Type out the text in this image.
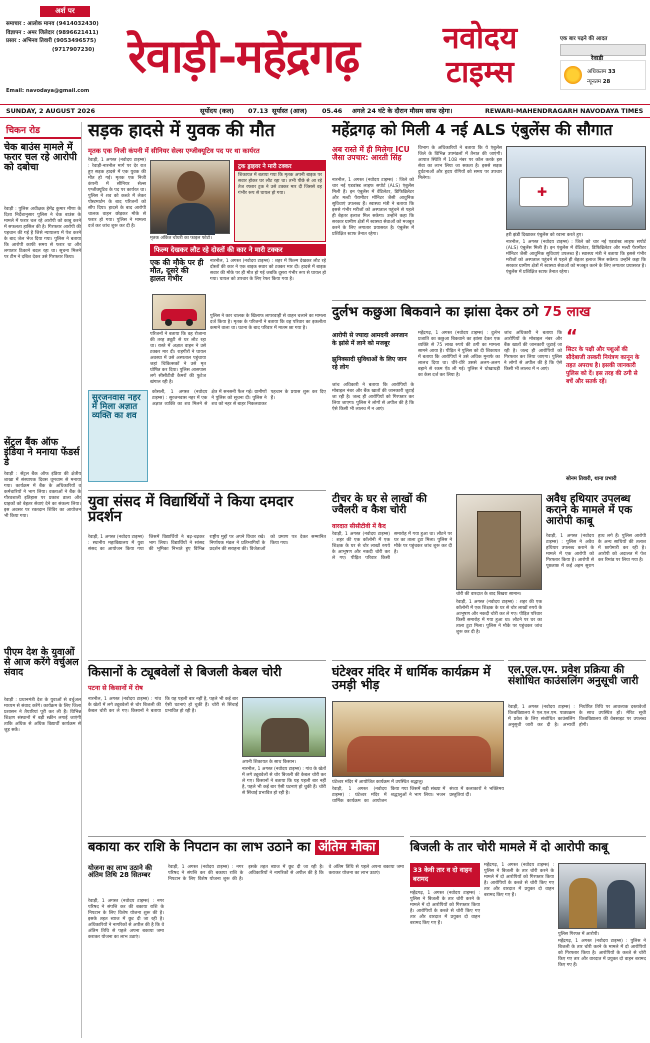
अर्श पर
समाचार : आलोक मानव (9414032430)
विज्ञापन : अमर जिलेदार (9896621411)
प्रसार : अभिनव तिवारी (9053496575)
(9717907230)
Email: navodaya@gmail.com
रेवाड़ी-महेंद्रगढ़	नवोदय टाइम्स
एक बार पढ़ने की आदत
रेवाड़ी
अधिकतम 33
न्यूनतम 28
SUNDAY, 2 AUGUST 2026	सूर्योदय (कल) 07.13 सूर्यास्त (आज) 05.46 अगले 24 घंटे के दौरान मौसम साफ रहेगा।	REWARI-MAHENDRAGARH NAVODAYA TIMES
चिकन रोड
चेक बाउंस मामले में फरार चल रहे आरोपी को दबोचा
रेवाड़ी : पुलिस अधीक्षक हेमेंद्र कुमार मीणा के दिशा निर्देशानुसार पुलिस ने चेक बाउंस के मामले में फरार चल रहे आरोपी को काबू करने में सफलता हासिल की है। गिरफ्तार आरोपी की पहचान की गई है जिसे न्यायालय में पेश करने के बाद जेल भेज दिया गया। पुलिस ने बताया कि आरोपी काफी समय से फरार था और लगातार ठिकाने बदल रहा था। सूचना मिलने पर टीम ने दबिश देकर उसे गिरफ्तार किया।
सेंट्रल बैंक ऑफ इंडिया ने मनाया फेंडर्स डे
रेवाड़ी : सेंट्रल बैंक ऑफ इंडिया की क्षेत्रीय शाखा में संस्थापक दिवस धूमधाम से मनाया गया। कार्यक्रम में बैंक के अधिकारियों व कर्मचारियों ने भाग लिया। वक्ताओं ने बैंक के गौरवशाली इतिहास पर प्रकाश डाला और ग्राहकों को बेहतर सेवाएं देने का संकल्प लिया। इस अवसर पर रक्तदान शिविर का आयोजन भी किया गया।
पीएम देश के युवाओं से आज करेंगे वर्चुअल संवाद
रेवाड़ी : प्रधानमंत्री देश के युवाओं से वर्चुअल माध्यम से संवाद करेंगे। कार्यक्रम के लिए जिला प्रशासन ने तैयारियां पूरी कर ली हैं। विभिन्न शिक्षण संस्थानों में बड़ी स्क्रीन लगाई जाएंगी ताकि अधिक से अधिक विद्यार्थी कार्यक्रम से जुड़ सकें।
सड़क हादसे में युवक की मौत
मृतक एक निजी कंपनी में सीनियर सेल्स एग्जीक्यूटिव पद पर था कार्यरत
रेवाड़ी, 1 अगस्त (नवोदय टाइम्स) : रेवाड़ी-नारनौल मार्ग पर देर रात हुए सड़क हादसे में एक युवक की मौत हो गई। मृतक एक निजी कंपनी में सीनियर सेल्स एग्जीक्यूटिव के पद पर कार्यरत था। पुलिस ने शव को कब्जे में लेकर पोस्टमार्टम के बाद परिजनों को सौंप दिया। हादसे के बाद आरोपी चालक वाहन छोड़कर मौके से फरार हो गया। पुलिस ने मामला दर्ज कर जांच शुरू कर दी है।
मृतक अंकित चौधरी का फाइल फोटो।
ट्रक ड्राइवर ने मारी टक्कर
शिकायत में बताया गया कि मृतक अपनी बाइक पर सवार होकर घर लौट रहा था। तभी पीछे से आ रहे तेज रफ्तार ट्रक ने उसे टक्कर मार दी जिससे वह गंभीर रूप से घायल हो गया।
फिल्म देखकर लौट रहे दोस्तों की कार ने मारी टक्कर
एक की मौके पर ही मौत, दूसरे की हालत गंभीर
परिजनों ने बताया कि वह रोजाना की तरह ड्यूटी से घर लौट रहा था। रास्ते में अज्ञात वाहन ने उसे टक्कर मार दी। राहगीरों ने घायल अवस्था में उसे अस्पताल पहुंचाया जहां चिकित्सकों ने उसे मृत घोषित कर दिया। पुलिस आसपास लगे सीसीटीवी कैमरों की फुटेज खंगाल रही है।
नारनौल, 1 अगस्त (नवोदय टाइम्स) : शहर में फिल्म देखकर लौट रहे दोस्तों की कार ने एक बाइक सवार को टक्कर मार दी। हादसे में बाइक सवार की मौके पर ही मौत हो गई जबकि दूसरा गंभीर रूप से घायल हो गया। घायल को उपचार के लिए रेफर किया गया है।
पुलिस ने कार चालक के खिलाफ लापरवाही से वाहन चलाने का मामला दर्ज किया है। मृतक के परिजनों ने बताया कि वह परिवार का इकलौता कमाने वाला था। घटना के बाद परिवार में मातम छा गया है।
महेंद्रगढ़ को मिली 4 नई ALS एंबुलेंस की सौगात
अब रास्ते में ही मिलेगा ICU जैसा उपचार: आरती सिंह
नारनौल, 1 अगस्त (नवोदय टाइम्स) : जिले को चार नई एडवांस्ड लाइफ सपोर्ट (ALS) एंबुलेंस मिली हैं। इन एंबुलेंस में वेंटिलेटर, डिफिब्रिलेटर और मल्टी पैरामीटर मॉनिटर जैसी आधुनिक सुविधाएं उपलब्ध हैं। स्वास्थ्य मंत्री ने बताया कि इससे गंभीर मरीजों को अस्पताल पहुंचने से पहले ही बेहतर इलाज मिल सकेगा। उन्होंने कहा कि सरकार ग्रामीण क्षेत्रों में स्वास्थ्य सेवाओं को मजबूत करने के लिए लगातार प्रयासरत है। एंबुलेंस में प्रशिक्षित स्टाफ तैनात रहेगा।
विभाग के अधिकारियों ने बताया कि ये एंबुलेंस जिले के विभिन्न उपमंडलों में तैनात की जाएंगी। आपात स्थिति में 108 नंबर पर कॉल करके इस सेवा का लाभ लिया जा सकता है। इससे सड़क दुर्घटनाओं और हृदय रोगियों को समय पर उपचार मिलेगा।
✚
हरी झंडी दिखाकर एंबुलेंस को रवाना करते हुए।
नारनौल, 1 अगस्त (नवोदय टाइम्स) : जिले को चार नई एडवांस्ड लाइफ सपोर्ट (ALS) एंबुलेंस मिली हैं। इन एंबुलेंस में वेंटिलेटर, डिफिब्रिलेटर और मल्टी पैरामीटर मॉनिटर जैसी आधुनिक सुविधाएं उपलब्ध हैं। स्वास्थ्य मंत्री ने बताया कि इससे गंभीर मरीजों को अस्पताल पहुंचने से पहले ही बेहतर इलाज मिल सकेगा। उन्होंने कहा कि सरकार ग्रामीण क्षेत्रों में स्वास्थ्य सेवाओं को मजबूत करने के लिए लगातार प्रयासरत है। एंबुलेंस में प्रशिक्षित स्टाफ तैनात रहेगा।
दुर्लभ कछुआ बिकवाने का झांसा देकर ठगे 75 लाख
आरोपी से ज्यादा आमदनी अनजान के झांसे में लाने को मजबूर
झुनिक्सादी सुविधाओं के लिए जान रहे लोग
जांच अधिकारी ने बताया कि आरोपियों के मोबाइल नंबर और बैंक खातों की जानकारी जुटाई जा रही है। जल्द ही आरोपियों को गिरफ्तार कर लिया जाएगा। पुलिस ने लोगों से अपील की है कि ऐसे किसी भी लालच में न आएं।
महेंद्रगढ़, 1 अगस्त (नवोदय टाइम्स) : दुर्लभ प्रजाति का कछुआ बिकवाने का झांसा देकर एक व्यक्ति से 75 लाख रुपये की ठगी का मामला सामने आया है। पीड़ित ने पुलिस को दी शिकायत में बताया कि आरोपियों ने उसे अधिक मुनाफे का लालच दिया था। धीरे-धीरे उससे अलग-अलग बहाने से रकम ऐंठ ली गई। पुलिस ने धोखाधड़ी का केस दर्ज कर लिया है।
जांच अधिकारी ने बताया कि आरोपियों के मोबाइल नंबर और बैंक खातों की जानकारी जुटाई जा रही है। जल्द ही आरोपियों को गिरफ्तार कर लिया जाएगा। पुलिस ने लोगों से अपील की है कि ऐसे किसी भी लालच में न आएं।
“
सिटर के पक्षी और पशुओं की सौदेबाजी तस्करी नियंत्रण कानून के तहत अपराध है। इसकी जानकारी पुलिस को दें। इस तरह की ठगी से बचें और सतर्क रहें।
सोनम तिवारी, थाना प्रभारी
सुरजनवास नहर में मिला अज्ञात व्यक्ति का शव
कोसली, 1 अगस्त (नवोदय टाइम्स) : सुरजनवास नहर में एक अज्ञात व्यक्ति का शव मिलने से क्षेत्र में सनसनी फैल गई। ग्रामीणों ने पुलिस को सूचना दी। पुलिस ने शव को नहर से बाहर निकलवाकर पहचान के प्रयास शुरू कर दिए हैं।
युवा संसद में विद्यार्थियों ने किया दमदार प्रदर्शन
रेवाड़ी, 1 अगस्त (नवोदय टाइम्स) : स्थानीय महाविद्यालय में युवा संसद का आयोजन किया गया जिसमें विद्यार्थियों ने बढ़-चढ़कर भाग लिया। विद्यार्थियों ने सांसद की भूमिका निभाते हुए विभिन्न राष्ट्रीय मुद्दों पर अपने विचार रखे। निर्णायक मंडल ने प्रतिभागियों के प्रदर्शन की सराहना की। विजेताओं को प्रमाण पत्र देकर सम्मानित किया गया।
टीचर के घर से लाखों की ज्वैलरी व कैश चोरी
वारदात सीसीटीवी में कैद
रेवाड़ी, 1 अगस्त (नवोदय टाइम्स) : शहर की एक कॉलोनी में एक शिक्षक के घर से चोर लाखों रुपये के आभूषण और नकदी चोरी कर ले गए। पीड़ित परिवार किसी समारोह में गया हुआ था। लौटने पर घर का ताला टूटा मिला। पुलिस ने मौके पर पहुंचकर जांच शुरू कर दी है।
चोरी की वारदात के बाद बिखरा सामान।
रेवाड़ी, 1 अगस्त (नवोदय टाइम्स) : शहर की एक कॉलोनी में एक शिक्षक के घर से चोर लाखों रुपये के आभूषण और नकदी चोरी कर ले गए। पीड़ित परिवार किसी समारोह में गया हुआ था। लौटने पर घर का ताला टूटा मिला। पुलिस ने मौके पर पहुंचकर जांच शुरू कर दी है।
अवैध हथियार उपलब्ध कराने के मामले में एक आरोपी काबू
रेवाड़ी, 1 अगस्त (नवोदय टाइम्स) : पुलिस ने अवैध हथियार उपलब्ध कराने के मामले में एक आरोपी को गिरफ्तार किया है। आरोपी से पूछताछ में कई अहम सुराग हाथ लगे हैं। पुलिस आरोपी के अन्य साथियों की तलाश में छापेमारी कर रही है। आरोपी को अदालत में पेश कर रिमांड पर लिया गया है।
किसानों के ट्यूबवेलों से बिजली केबल चोरी
पटना से किसानों में रोष
नारनौल, 1 अगस्त (नवोदय टाइम्स) : गांव के खेतों में लगे ट्यूबवेलों से चोर बिजली की केबल चोरी कर ले गए। किसानों ने बताया कि यह पहली बार नहीं है, पहले भी कई बार ऐसी घटनाएं हो चुकी हैं। चोरी से सिंचाई प्रभावित हो रही है।
अपनी शिकायत के साथ किसान।
नारनौल, 1 अगस्त (नवोदय टाइम्स) : गांव के खेतों में लगे ट्यूबवेलों से चोर बिजली की केबल चोरी कर ले गए। किसानों ने बताया कि यह पहली बार नहीं है, पहले भी कई बार ऐसी घटनाएं हो चुकी हैं। चोरी से सिंचाई प्रभावित हो रही है।
घंटेश्वर मंदिर में धार्मिक कार्यक्रम में उमड़ी भीड़
घंटेश्वर मंदिर में आयोजित कार्यक्रम में उपस्थित श्रद्धालु।
रेवाड़ी, 1 अगस्त (नवोदय टाइम्स) : घंटेश्वर मंदिर में धार्मिक कार्यक्रम का आयोजन किया गया जिसमें बड़ी संख्या में श्रद्धालुओं ने भाग लिया। भजन संध्या में कलाकारों ने भक्तिमय प्रस्तुतियां दीं।
एल.एल.एम. प्रवेश प्रक्रिया की संशोधित काउंसलिंग अनुसूची जारी
रेवाड़ी, 1 अगस्त (नवोदय टाइम्स) : विश्वविद्यालय ने एल.एल.एम. पाठ्यक्रम में प्रवेश के लिए संशोधित काउंसलिंग अनुसूची जारी कर दी है। अभ्यर्थी निर्धारित तिथि पर आवश्यक दस्तावेजों के साथ उपस्थित हों। मेरिट सूची विश्वविद्यालय की वेबसाइट पर उपलब्ध होगी।
बकाया कर राशि के निपटान का लाभ उठाने का अंतिम मौका
योजना का लाभ उठाने की अंतिम तिथि 28 सितम्बर
रेवाड़ी, 1 अगस्त (नवोदय टाइम्स) : नगर परिषद ने संपत्ति कर की बकाया राशि के निपटान के लिए विशेष योजना शुरू की है। इसके तहत ब्याज में छूट दी जा रही है। अधिकारियों ने नागरिकों से अपील की है कि वे अंतिम तिथि से पहले अपना बकाया जमा कराकर योजना का लाभ उठाएं।
रेवाड़ी, 1 अगस्त (नवोदय टाइम्स) : नगर परिषद ने संपत्ति कर की बकाया राशि के निपटान के लिए विशेष योजना शुरू की है। इसके तहत ब्याज में छूट दी जा रही है। अधिकारियों ने नागरिकों से अपील की है कि वे अंतिम तिथि से पहले अपना बकाया जमा कराकर योजना का लाभ उठाएं।
बिजली के तार चोरी मामले में दो आरोपी काबू
33 केवी तार व दो वाहन बरामद
महेंद्रगढ़, 1 अगस्त (नवोदय टाइम्स) : पुलिस ने बिजली के तार चोरी करने के मामले में दो आरोपियों को गिरफ्तार किया है। आरोपियों के कब्जे से चोरी किए गए तार और वारदात में प्रयुक्त दो वाहन बरामद किए गए हैं।
महेंद्रगढ़, 1 अगस्त (नवोदय टाइम्स) : पुलिस ने बिजली के तार चोरी करने के मामले में दो आरोपियों को गिरफ्तार किया है। आरोपियों के कब्जे से चोरी किए गए तार और वारदात में प्रयुक्त दो वाहन बरामद किए गए हैं।
पुलिस गिरफ्त में आरोपी।
महेंद्रगढ़, 1 अगस्त (नवोदय टाइम्स) : पुलिस ने बिजली के तार चोरी करने के मामले में दो आरोपियों को गिरफ्तार किया है। आरोपियों के कब्जे से चोरी किए गए तार और वारदात में प्रयुक्त दो वाहन बरामद किए गए हैं।
